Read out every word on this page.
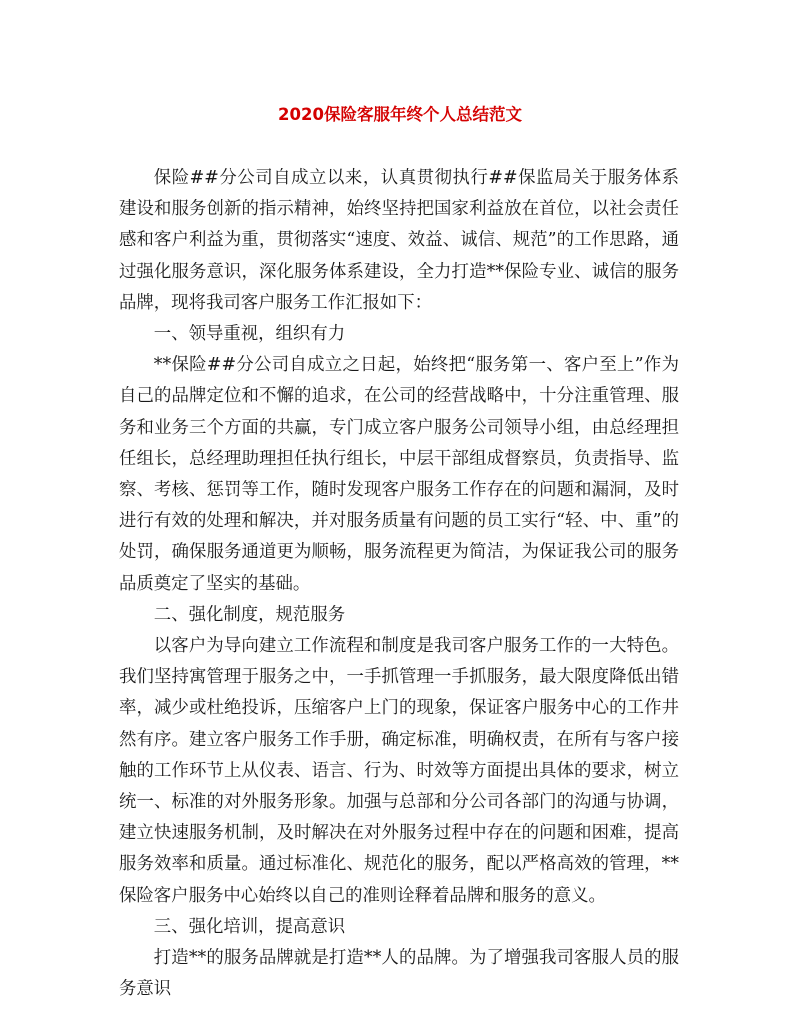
2020保险客服年终个人总结范文

保险##分公司自成立以来，认真贯彻执行##保监局关于服务体系建设和服务创新的指示精神，始终坚持把国家利益放在首位，以社会责任感和客户利益为重，贯彻落实“速度、效益、诚信、规范”的工作思路，通过强化服务意识，深化服务体系建设，全力打造**保险专业、诚信的服务品牌，现将我司客户服务工作汇报如下：

一、领导重视，组织有力

**保险##分公司自成立之日起，始终把“服务第一、客户至上”作为自己的品牌定位和不懈的追求，在公司的经营战略中，十分注重管理、服务和业务三个方面的共赢，专门成立客户服务公司领导小组，由总经理担任组长，总经理助理担任执行组长，中层干部组成督察员，负责指导、监察、考核、惩罚等工作，随时发现客户服务工作存在的问题和漏洞，及时进行有效的处理和解决，并对服务质量有问题的员工实行“轻、中、重”的处罚，确保服务通道更为顺畅，服务流程更为简洁，为保证我公司的服务品质奠定了坚实的基础。

二、强化制度，规范服务

以客户为导向建立工作流程和制度是我司客户服务工作的一大特色。我们坚持寓管理于服务之中，一手抓管理一手抓服务，最大限度降低出错率，减少或杜绝投诉，压缩客户上门的现象，保证客户服务中心的工作井然有序。建立客户服务工作手册，确定标准，明确权责，在所有与客户接触的工作环节上从仪表、语言、行为、时效等方面提出具体的要求，树立统一、标准的对外服务形象。加强与总部和分公司各部门的沟通与协调，建立快速服务机制，及时解决在对外服务过程中存在的问题和困难，提高服务效率和质量。通过标准化、规范化的服务，配以严格高效的管理，**保险客户服务中心始终以自己的准则诠释着品牌和服务的意义。

三、强化培训，提高意识

打造**的服务品牌就是打造**人的品牌。为了增强我司客服人员的服务意识
